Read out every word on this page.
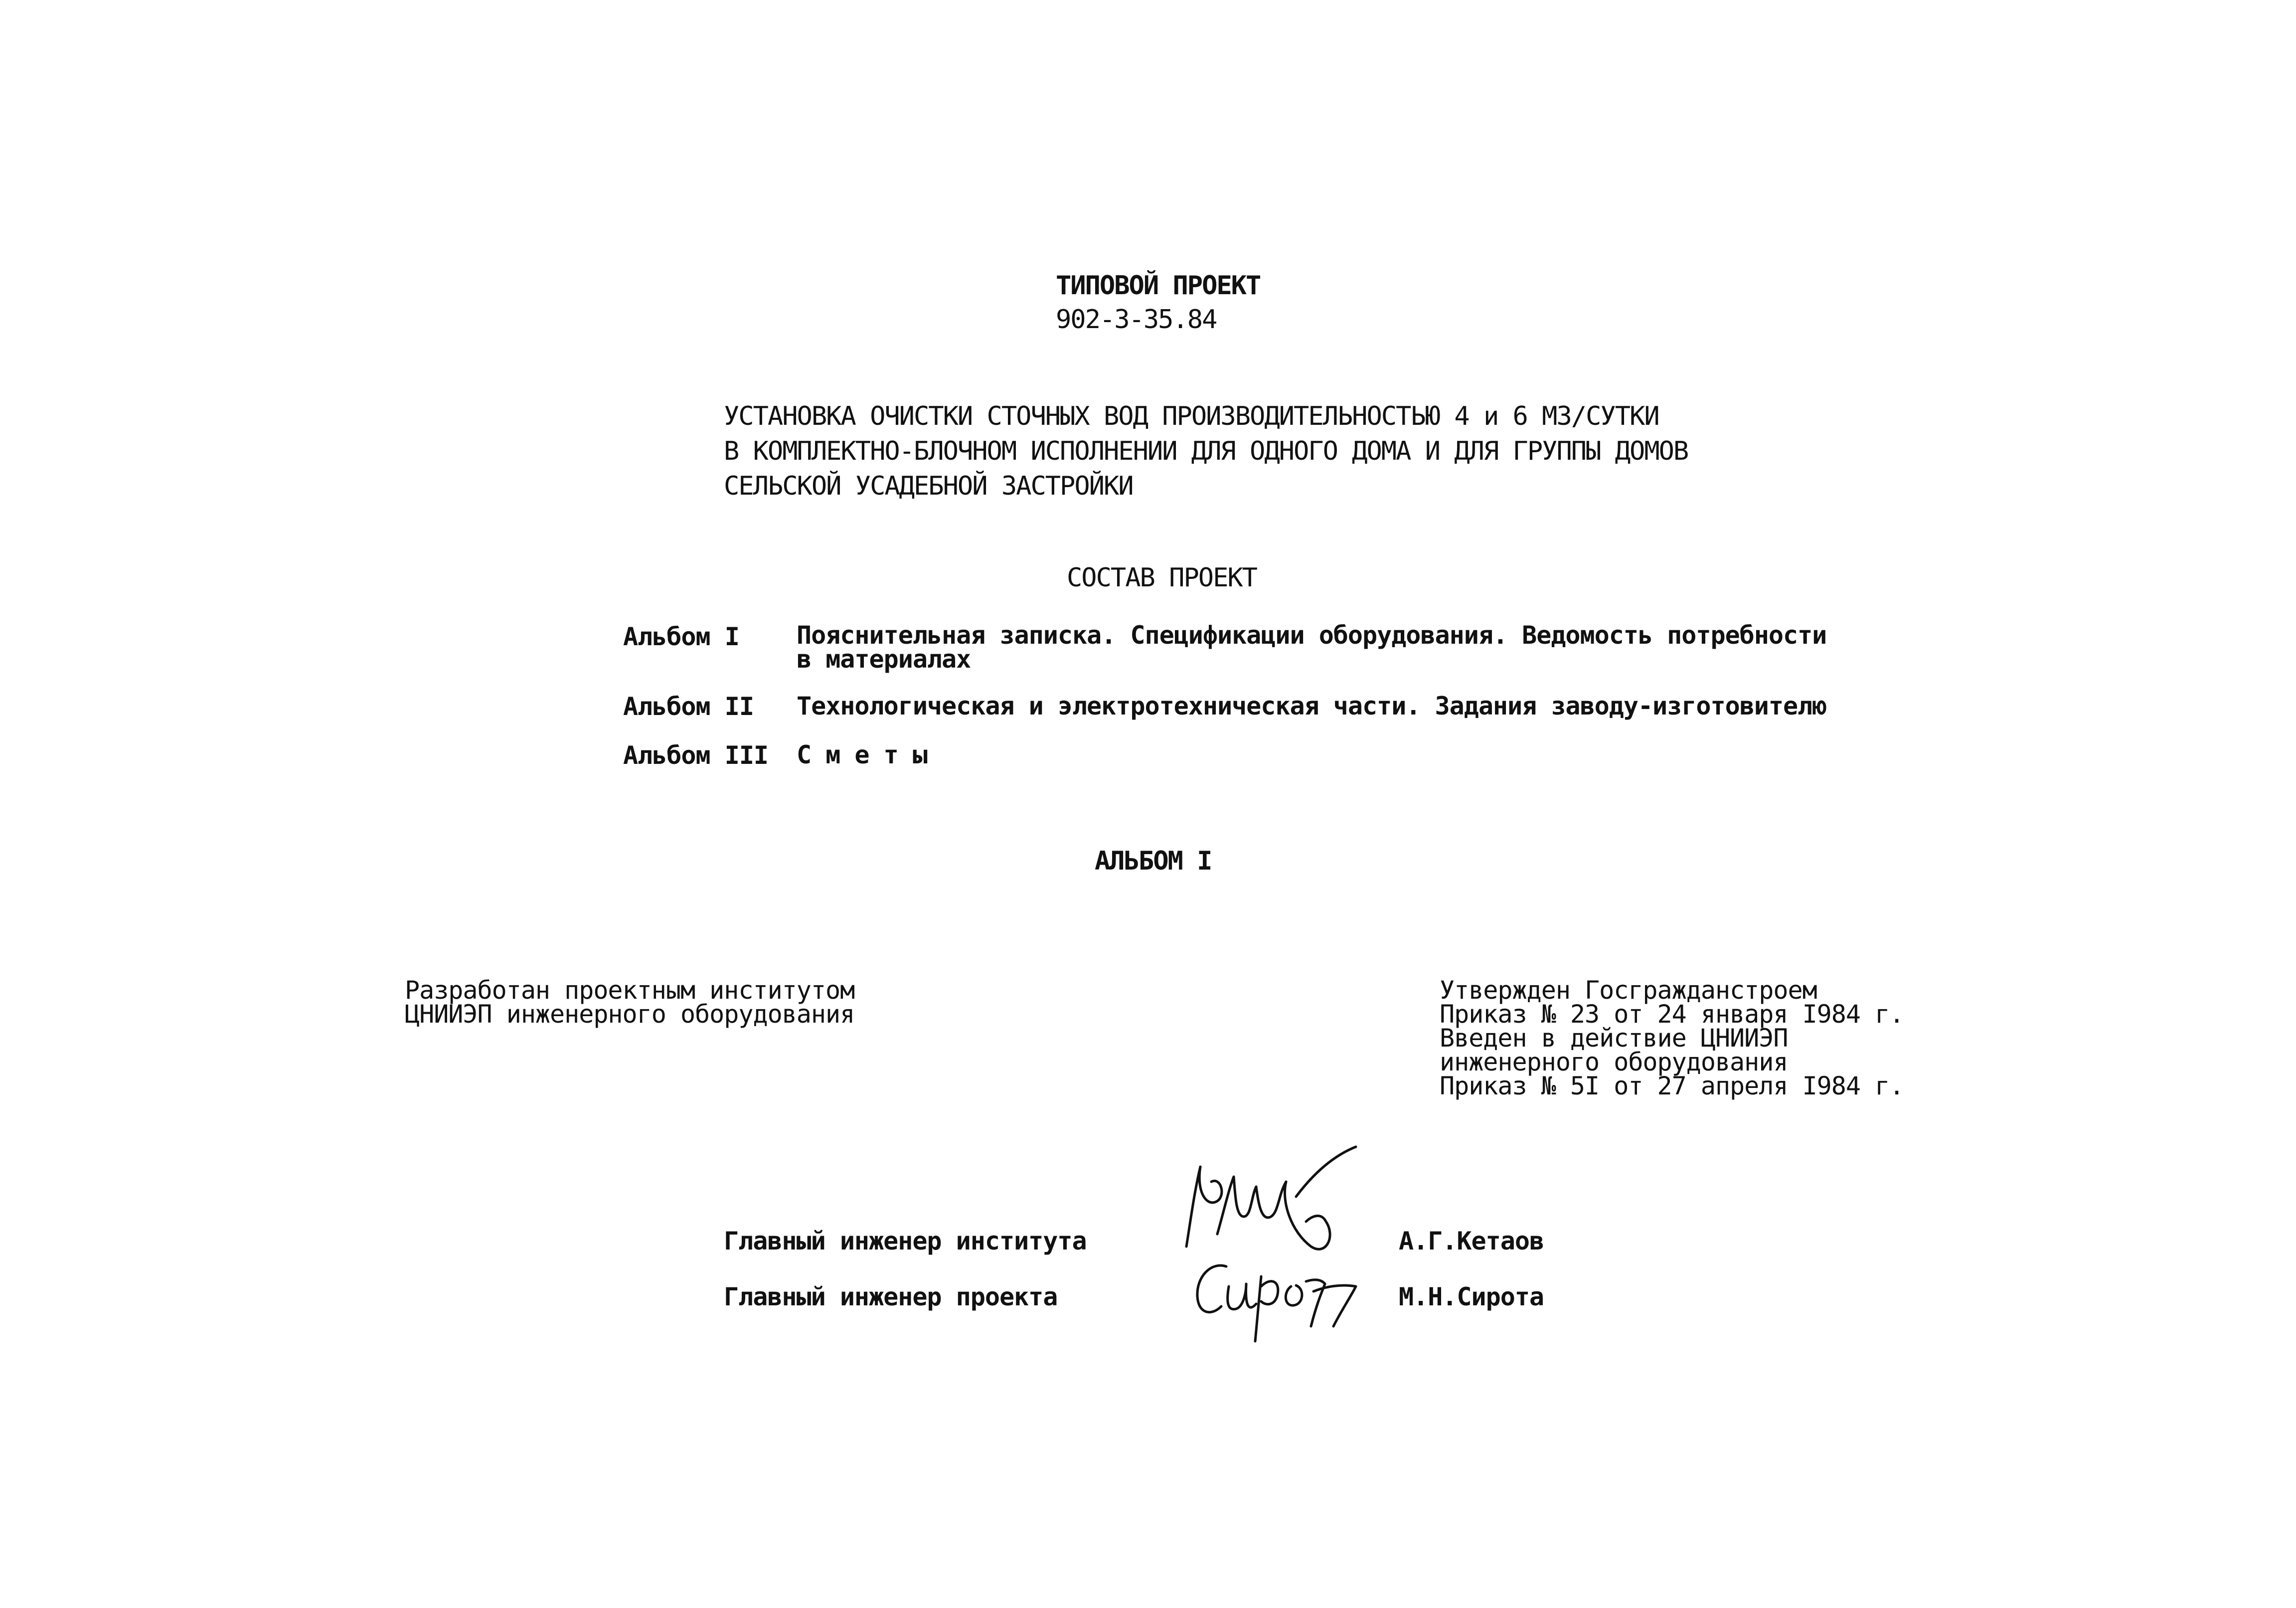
ТИПОВОЙ ПРОЕКТ
902-3-35.84
УСТАНОВКА ОЧИСТКИ СТОЧНЫХ ВОД ПРОИЗВОДИТЕЛЬНОСТЬЮ 4 и 6 МЗ/СУТКИ
В КОМПЛЕКТНО-БЛОЧНОМ ИСПОЛНЕНИИ ДЛЯ ОДНОГО ДОМА И ДЛЯ ГРУППЫ ДОМОВ
СЕЛЬСКОЙ УСАДЕБНОЙ ЗАСТРОЙКИ
СОСТАВ ПРОЕКТ
Альбом I Пояснительная записка. Спецификации оборудования. Ведомость потребности
в материалах
Альбом II Технологическая и электротехническая части. Задания заводу-изготовителю
Альбом III С м е т ы
АЛЬБОМ I
Разработан проектным институтом
ЦНИИЭП инженерного оборудования
Утвержден Госгражданстроем
Приказ № 23 от 24 января I984 г.
Введен в действие ЦНИИЭП
инженерного оборудования
Приказ № 5I от 27 апреля I984 г.
Главный инженер института	А.Г.Кетаов
Главный инженер проекта	М.Н.Сирота
